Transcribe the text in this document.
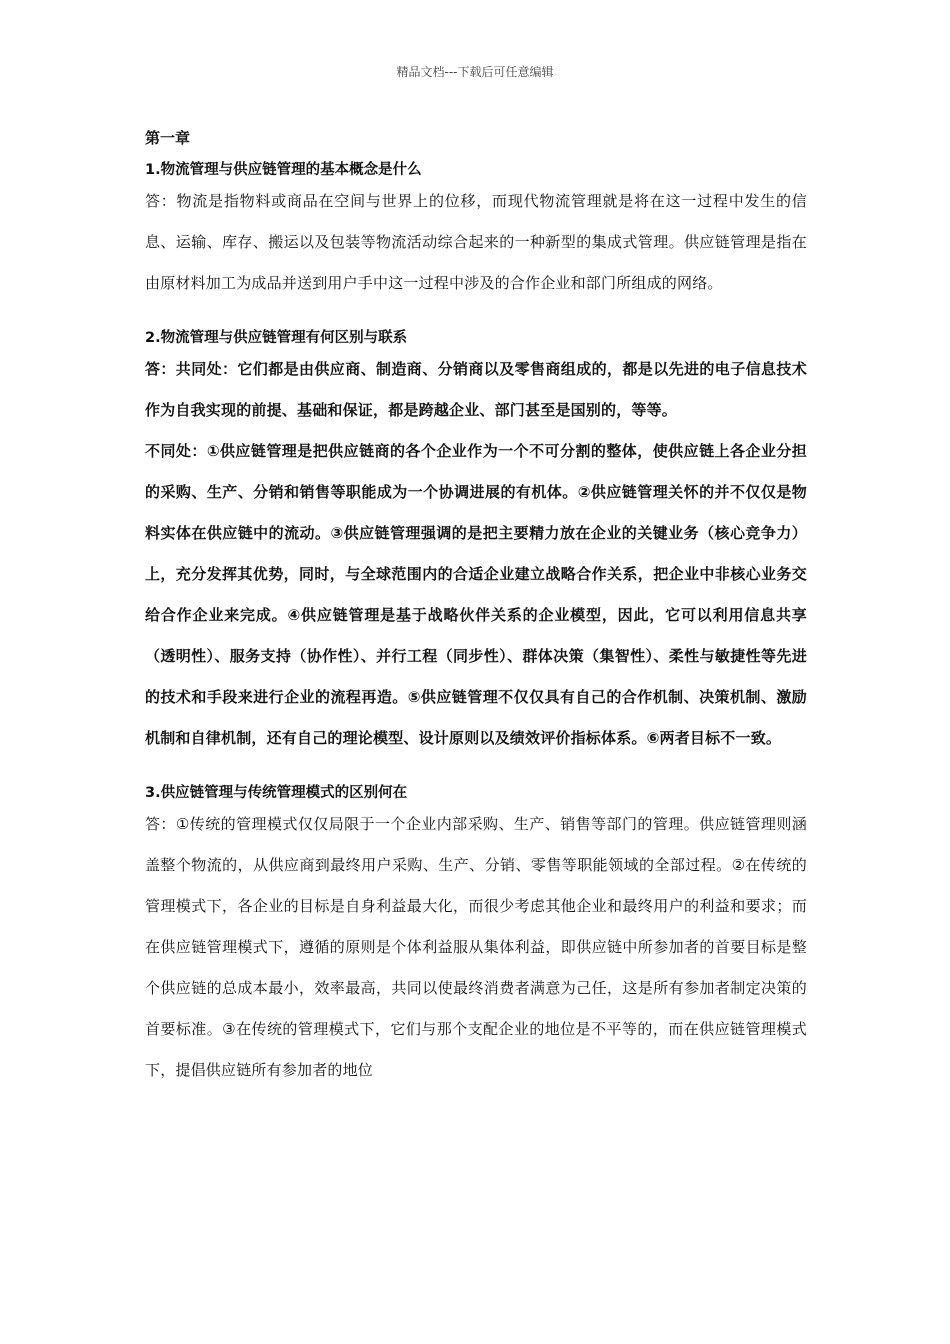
精品文档---下载后可任意编辑

第一章

1.物流管理与供应链管理的基本概念是什么

答：物流是指物料或商品在空间与世界上的位移，而现代物流管理就是将在这一过程中发生的信息、运输、库存、搬运以及包装等物流活动综合起来的一种新型的集成式管理。供应链管理是指在由原材料加工为成品并送到用户手中这一过程中涉及的合作企业和部门所组成的网络。

2.物流管理与供应链管理有何区别与联系

答：共同处：它们都是由供应商、制造商、分销商以及零售商组成的，都是以先进的电子信息技术作为自我实现的前提、基础和保证，都是跨越企业、部门甚至是国别的，等等。

不同处：①供应链管理是把供应链商的各个企业作为一个不可分割的整体，使供应链上各企业分担的采购、生产、分销和销售等职能成为一个协调进展的有机体。②供应链管理关怀的并不仅仅是物料实体在供应链中的流动。③供应链管理强调的是把主要精力放在企业的关键业务（核心竞争力）上，充分发挥其优势，同时，与全球范围内的合适企业建立战略合作关系，把企业中非核心业务交给合作企业来完成。④供应链管理是基于战略伙伴关系的企业模型，因此，它可以利用信息共享（透明性）、服务支持（协作性）、并行工程（同步性）、群体决策（集智性）、柔性与敏捷性等先进的技术和手段来进行企业的流程再造。⑤供应链管理不仅仅具有自己的合作机制、决策机制、激励机制和自律机制，还有自己的理论模型、设计原则以及绩效评价指标体系。⑥两者目标不一致。

3.供应链管理与传统管理模式的区别何在

答：①传统的管理模式仅仅局限于一个企业内部采购、生产、销售等部门的管理。供应链管理则涵盖整个物流的，从供应商到最终用户采购、生产、分销、零售等职能领域的全部过程。②在传统的管理模式下，各企业的目标是自身利益最大化，而很少考虑其他企业和最终用户的利益和要求；而在供应链管理模式下，遵循的原则是个体利益服从集体利益，即供应链中所参加者的首要目标是整个供应链的总成本最小，效率最高，共同以使最终消费者满意为己任，这是所有参加者制定决策的首要标准。③在传统的管理模式下，它们与那个支配企业的地位是不平等的，而在供应链管理模式下，提倡供应链所有参加者的地位
